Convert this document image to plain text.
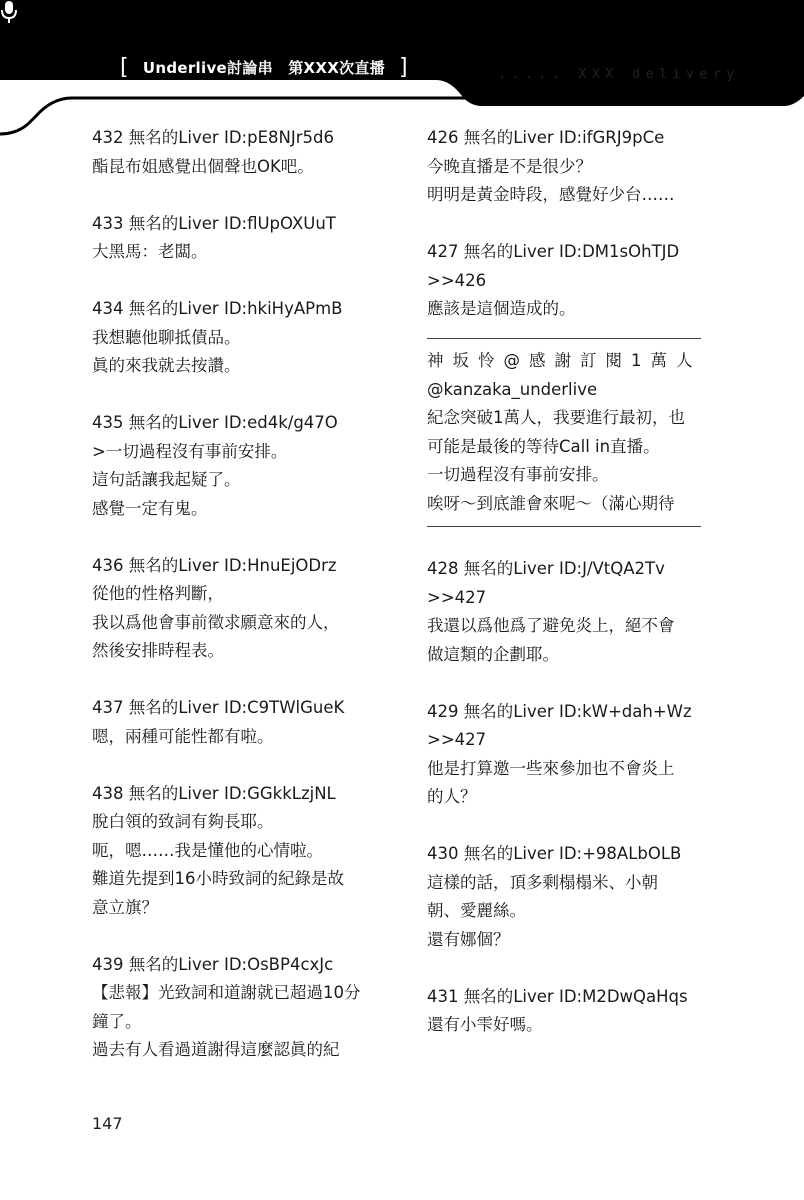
[ Underlive討論串　第XXX次直播 ]	..... XXX delivery
432 無名的Liver ID:pE8NJr5d6
酯昆布姐感覺出個聲也OK吧。
433 無名的Liver ID:flUpOXUuT
大黑馬：老闆。
434 無名的Liver ID:hkiHyAPmB
我想聽他聊抵債品。
眞的來我就去按讚。
435 無名的Liver ID:ed4k/g47O
>一切過程沒有事前安排。
這句話讓我起疑了。
感覺一定有鬼。
436 無名的Liver ID:HnuEjODrz
從他的性格判斷，
我以爲他會事前徵求願意來的人，
然後安排時程表。
437 無名的Liver ID:C9TWlGueK
嗯，兩種可能性都有啦。
438 無名的Liver ID:GGkkLzjNL
脫白領的致詞有夠長耶。
呃，嗯……我是懂他的心情啦。
難道先提到16小時致詞的紀錄是故
意立旗？
439 無名的Liver ID:OsBP4cxJc
【悲報】光致詞和道謝就已超過10分
鐘了。
過去有人看過道謝得這麼認眞的紀
426 無名的Liver ID:ifGRJ9pCe
今晚直播是不是很少？
明明是黃金時段，感覺好少台……
427 無名的Liver ID:DM1sOhTJD
>>426
應該是這個造成的。
神坂怜@感謝訂閱1萬人
@kanzaka_underlive
紀念突破1萬人，我要進行最初，也
可能是最後的等待Call in直播。
一切過程沒有事前安排。
唉呀～到底誰會來呢～（滿心期待
428 無名的Liver ID:J/VtQA2Tv
>>427
我還以爲他爲了避免炎上，絕不會
做這類的企劃耶。
429 無名的Liver ID:kW+dah+Wz
>>427
他是打算邀一些來參加也不會炎上
的人？
430 無名的Liver ID:+98ALbOLB
這樣的話，頂多剩榻榻米、小朝
朝、愛麗絲。
還有娜個？
431 無名的Liver ID:M2DwQaHqs
還有小雫好嗎。
147
